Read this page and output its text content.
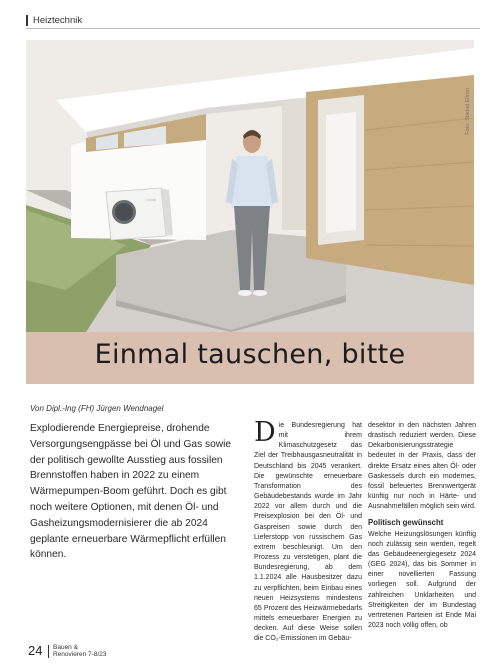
Heiztechnik
Foto: Stiebel Eltron
Einmal tauschen, bitte
Von Dipl.-Ing (FH) Jürgen Wendnagel
Explodierende Energiepreise, drohende Versorgungsengpässe bei Öl und Gas sowie der politisch gewollte Ausstieg aus fossilen Brennstoffen haben in 2022 zu einem Wärmepumpen-Boom geführt. Doch es gibt noch weitere Optionen, mit denen Öl- und Gasheizungsmodernisierer die ab 2024 geplante erneuerbare Wärmepflicht erfüllen können.
Die Bundesregierung hat mit ihrem Klimaschutzgesetz das Ziel der Treibhausgasneutralität in Deutschland bis 2045 verankert. Die gewünschte erneuerbare Transformation des Gebäudebestands wurde im Jahr 2022 vor allem durch und die Preisexplosion bei den Öl- und Gaspreisen sowie durch den Lieferstopp von russischem Gas extrem beschleunigt. Um den Prozess zu verstetigen, plant die Bundesregierung, ab dem 1.1.2024 alle Hausbesitzer dazu zu verpflichten, beim Einbau eines neuen Heizsystems mindestens 65 Prozent des Heizwärmebedarfs mittels erneuerbarer Energien zu decken. Auf diese Weise sollen die CO₂-Emissionen im Gebäu-
desektor in den nächsten Jahren drastisch reduziert werden. Diese Dekarbonisierungsstrategie bedeutet in der Praxis, dass der direkte Ersatz eines alten Öl- oder Gaskessels durch ein modernes, fossil befeuertes Brennwertgerät künftig nur noch in Härte- und Ausnahmefällen möglich sein wird.
Politisch gewünscht
Welche Heizungslösungen künftig noch zulässig sein werden, regelt das Gebäudeenergiegesetz 2024 (GEG 2024), das bis Sommer in einer novellierten Fassung vorliegen soll. Aufgrund der zahlreichen Unklarheiten und Streitigkeiten der im Bundestag vertretenen Parteien ist Ende Mai 2023 noch völlig offen, ob
24 Bauen &
Renovieren 7-8/23
